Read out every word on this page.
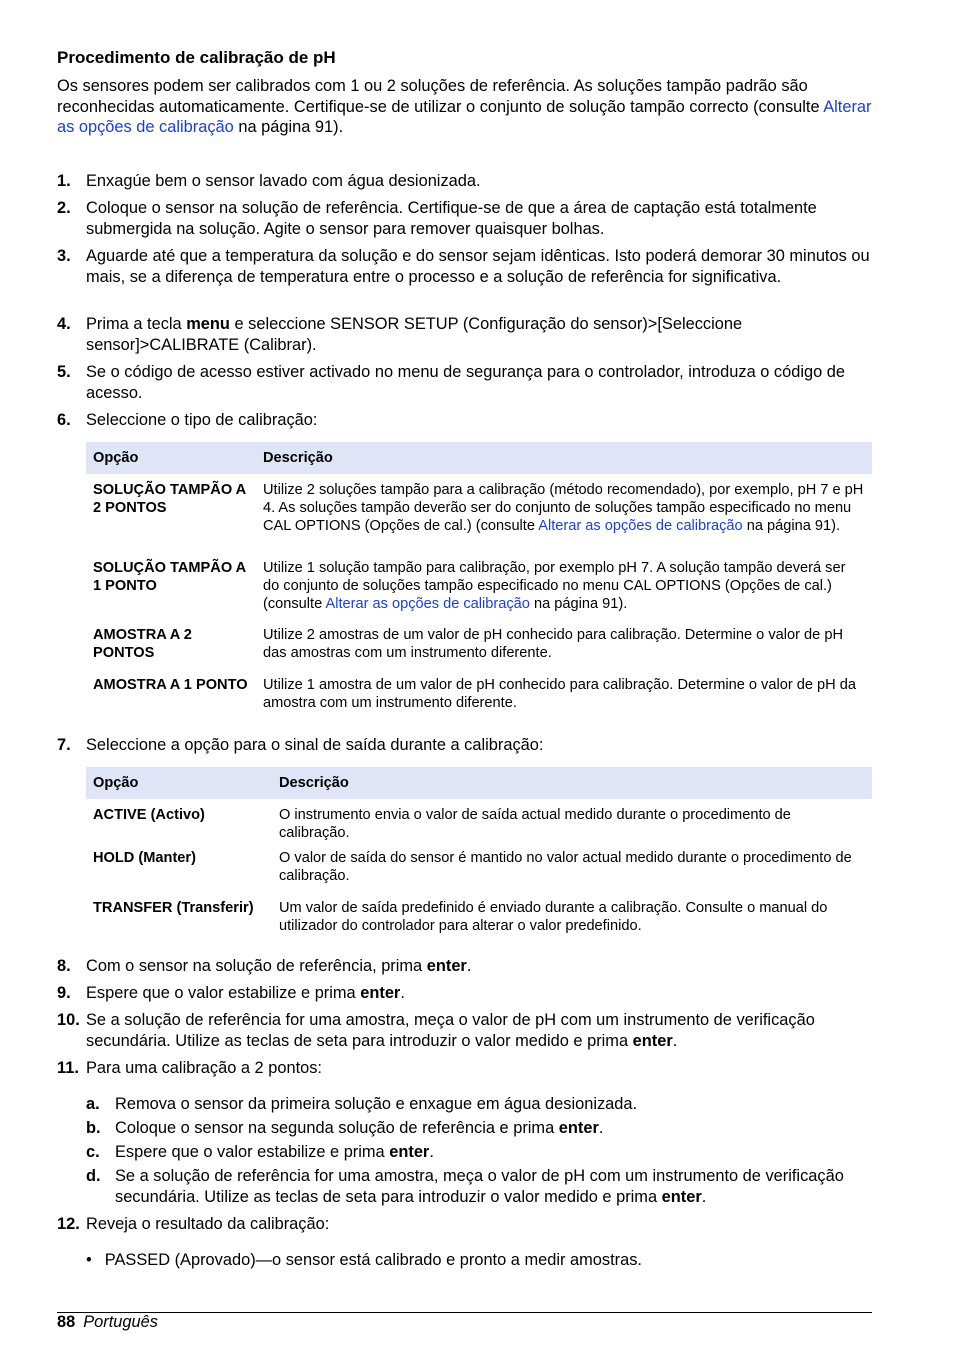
Procedimento de calibração de pH
Os sensores podem ser calibrados com 1 ou 2 soluções de referência. As soluções tampão padrão são reconhecidas automaticamente. Certifique-se de utilizar o conjunto de solução tampão correcto (consulte Alterar as opções de calibração na página 91).
1. Enxagúe bem o sensor lavado com água desionizada.
2. Coloque o sensor na solução de referência. Certifique-se de que a área de captação está totalmente submergida na solução. Agite o sensor para remover quaisquer bolhas.
3. Aguarde até que a temperatura da solução e do sensor sejam idênticas. Isto poderá demorar 30 minutos ou mais, se a diferença de temperatura entre o processo e a solução de referência for significativa.
4. Prima a tecla menu e seleccione SENSOR SETUP (Configuração do sensor)>[Seleccione sensor]>CALIBRATE (Calibrar).
5. Se o código de acesso estiver activado no menu de segurança para o controlador, introduza o código de acesso.
6. Seleccione o tipo de calibração:
Opção	Descrição
SOLUÇÃO TAMPÃO A 2 PONTOS	Utilize 2 soluções tampão para a calibração (método recomendado), por exemplo, pH 7 e pH 4. As soluções tampão deverão ser do conjunto de soluções tampão especificado no menu CAL OPTIONS (Opções de cal.) (consulte Alterar as opções de calibração na página 91).
SOLUÇÃO TAMPÃO A 1 PONTO	Utilize 1 solução tampão para calibração, por exemplo pH 7. A solução tampão deverá ser do conjunto de soluções tampão especificado no menu CAL OPTIONS (Opções de cal.) (consulte Alterar as opções de calibração na página 91).
AMOSTRA A 2 PONTOS	Utilize 2 amostras de um valor de pH conhecido para calibração. Determine o valor de pH das amostras com um instrumento diferente.
AMOSTRA A 1 PONTO	Utilize 1 amostra de um valor de pH conhecido para calibração. Determine o valor de pH da amostra com um instrumento diferente.
7. Seleccione a opção para o sinal de saída durante a calibração:
Opção	Descrição
ACTIVE (Activo)	O instrumento envia o valor de saída actual medido durante o procedimento de calibração.
HOLD (Manter)	O valor de saída do sensor é mantido no valor actual medido durante o procedimento de calibração.
TRANSFER (Transferir)	Um valor de saída predefinido é enviado durante a calibração. Consulte o manual do utilizador do controlador para alterar o valor predefinido.
8. Com o sensor na solução de referência, prima enter.
9. Espere que o valor estabilize e prima enter.
10. Se a solução de referência for uma amostra, meça o valor de pH com um instrumento de verificação secundária. Utilize as teclas de seta para introduzir o valor medido e prima enter.
11. Para uma calibração a 2 pontos:
a. Remova o sensor da primeira solução e enxague em água desionizada.
b. Coloque o sensor na segunda solução de referência e prima enter.
c. Espere que o valor estabilize e prima enter.
d. Se a solução de referência for uma amostra, meça o valor de pH com um instrumento de verificação secundária. Utilize as teclas de seta para introduzir o valor medido e prima enter.
12. Reveja o resultado da calibração:
• PASSED (Aprovado)—o sensor está calibrado e pronto a medir amostras.
88 Português
